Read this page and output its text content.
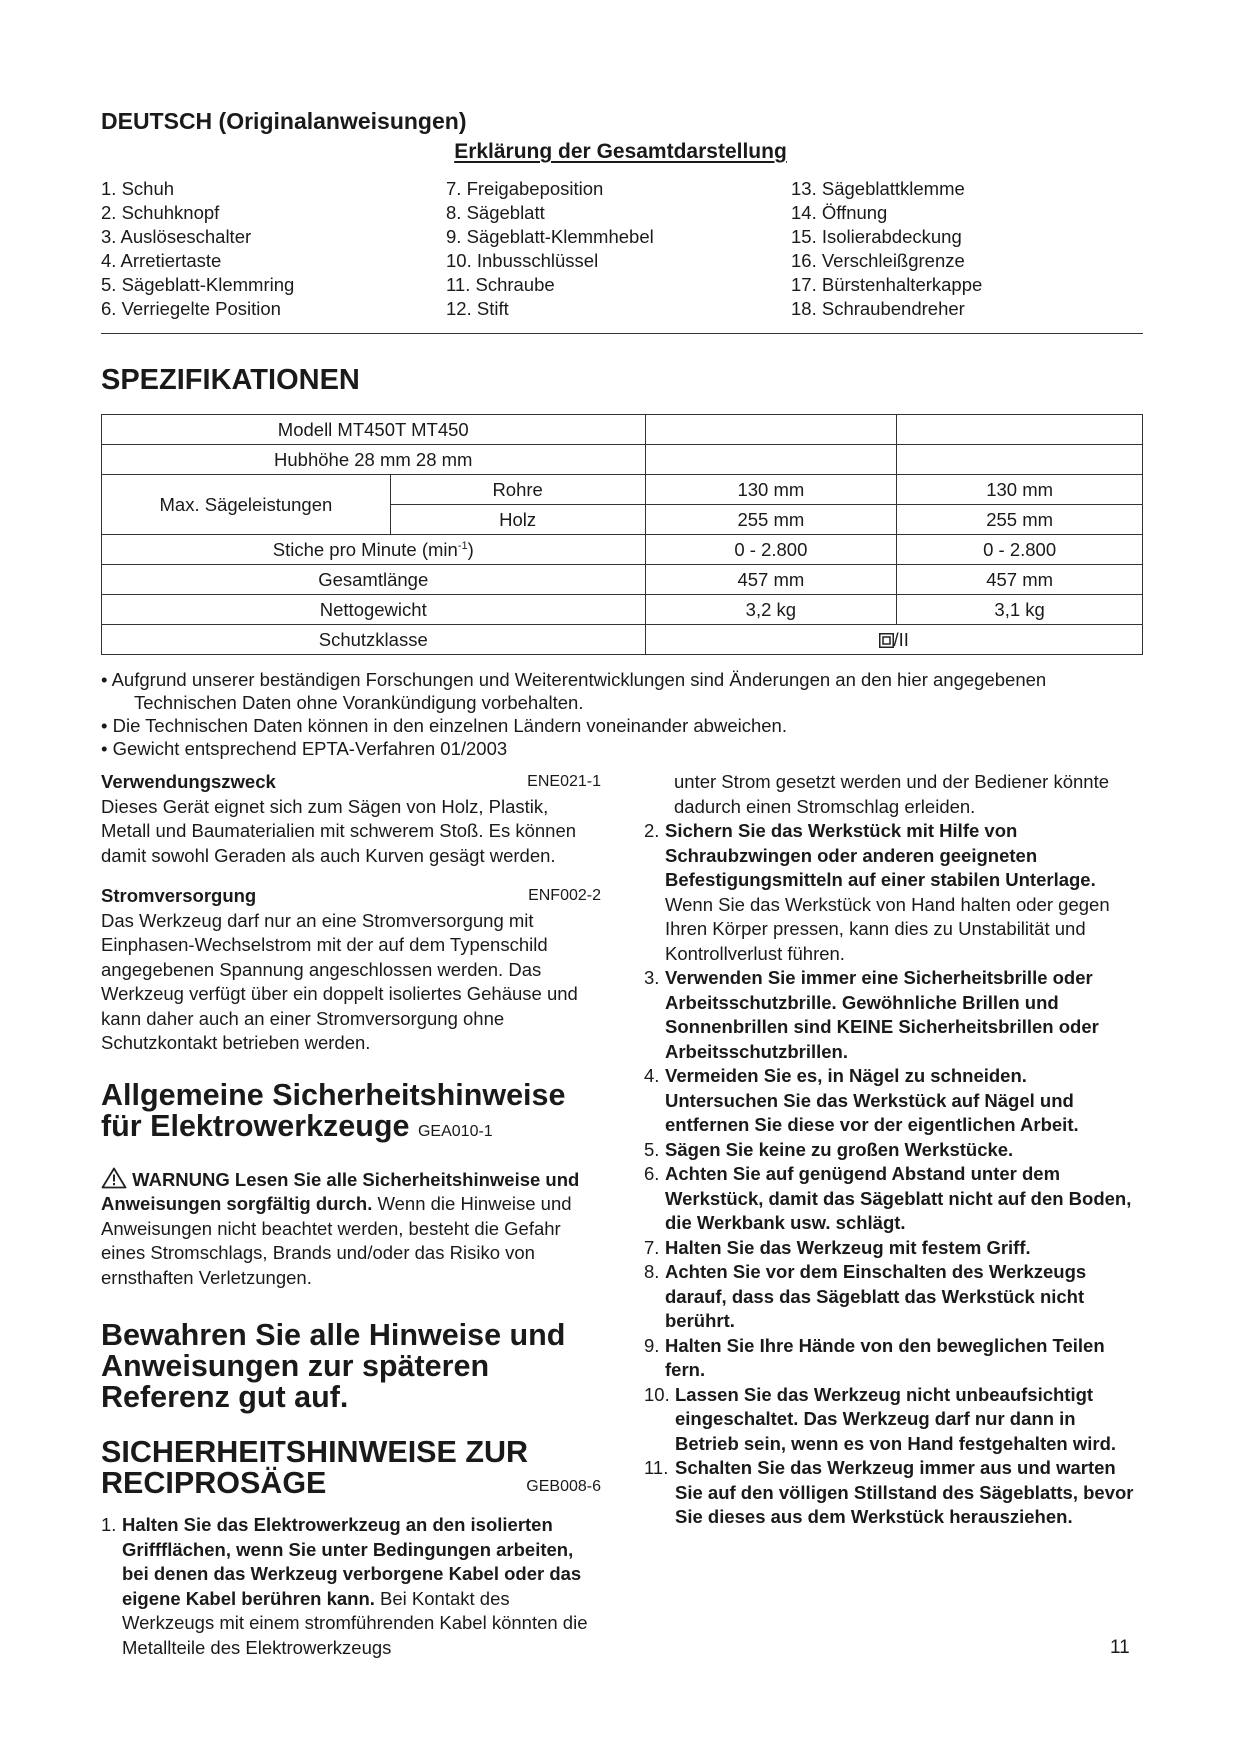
DEUTSCH (Originalanweisungen)
Erklärung der Gesamtdarstellung
1. Schuh
2. Schuhknopf
3. Auslöseschalter
4. Arretiertaste
5. Sägeblatt-Klemmring
6. Verriegelte Position
7. Freigabeposition
8. Sägeblatt
9. Sägeblatt-Klemmhebel
10. Inbusschlüssel
11. Schraube
12. Stift
13. Sägeblattklemme
14. Öffnung
15. Isolierabdeckung
16. Verschleißgrenze
17. Bürstenhalterkappe
18. Schraubendreher
SPEZIFIKATIONEN
Modell MT450T MT450			
Hubhöhe 28 mm 28 mm			
Max. Sägeleistungen	Rohre	130 mm	130 mm
	Holz	255 mm	255 mm
Stiche pro Minute $(\min^{-1})$		0 - 2.800	0 - 2.800
Gesamtlänge		457 mm	457 mm
Nettogewicht		3,2 kg	3,1 kg
Schutzklasse		/II	

• Aufgrund unserer beständigen Forschungen und Weiterentwicklungen sind Änderungen an den hier angegebenen
Technischen Daten ohne Vorankündigung vorbehalten.

• Die Technischen Daten können in den einzelnen Ländern voneinander abweichen.

• Gewicht entsprechend EPTA-Verfahren 01/2003

Verwendungszweck	ENE021-1

Dieses Gerät eignet sich zum Sägen von Holz, Plastik, Metall und Baumaterialien mit schwerem Stoß. Es können damit sowohl Geraden als auch Kurven gesägt werden.

Stromversorgung	ENF002-2

Das Werkzeug darf nur an eine Stromversorgung mit Einphasen-Wechselstrom mit der auf dem Typenschild angegebenen Spannung angeschlossen werden. Das Werkzeug verfügt über ein doppelt isoliertes Gehäuse und kann daher auch an einer Stromversorgung ohne Schutzkontakt betrieben werden.

Allgemeine Sicherheitshinweise für Elektrowerkzeuge GEA010-1

WARNUNG Lesen Sie alle Sicherheitshinweise und Anweisungen sorgfältig durch. Wenn die Hinweise und Anweisungen nicht beachtet werden, besteht die Gefahr eines Stromschlags, Brands und/oder das Risiko von ernsthaften Verletzungen.

Bewahren Sie alle Hinweise und Anweisungen zur späteren Referenz gut auf.

SICHERHEITSHINWEISE ZUR

RECIPROSÄGE	GEB008-6
1. Halten Sie das Elektrowerkzeug an den isolierten Griffflächen, wenn Sie unter Bedingungen arbeiten, bei denen das Werkzeug verborgene Kabel oder das eigene Kabel berühren kann. Bei Kontakt des Werkzeugs mit einem stromführenden Kabel könnten die Metallteile des Elektrowerkzeugs

unter Strom gesetzt werden und der Bediener könnte dadurch einen Stromschlag erleiden.

2. Sichern Sie das Werkstück mit Hilfe von Schraubzwingen oder anderen geeigneten Befestigungsmitteln auf einer stabilen Unterlage. Wenn Sie das Werkstück von Hand halten oder gegen Ihren Körper pressen, kann dies zu Unstabilität und Kontrollverlust führen.
3. Verwenden Sie immer eine Sicherheitsbrille oder Arbeitsschutzbrille. Gewöhnliche Brillen und Sonnenbrillen sind KEINE Sicherheitsbrillen oder Arbeitsschutzbrillen.
4. Vermeiden Sie es, in Nägel zu schneiden. Untersuchen Sie das Werkstück auf Nägel und entfernen Sie diese vor der eigentlichen Arbeit.
5. Sägen Sie keine zu großen Werkstücke.
6. Achten Sie auf genügend Abstand unter dem Werkstück, damit das Sägeblatt nicht auf den Boden, die Werkbank usw. schlägt.
7. Halten Sie das Werkzeug mit festem Griff.
8. Achten Sie vor dem Einschalten des Werkzeugs darauf, dass das Sägeblatt das Werkstück nicht berührt.
9. Halten Sie Ihre Hände von den beweglichen Teilen fern.
10. Lassen Sie das Werkzeug nicht unbeaufsichtigt eingeschaltet. Das Werkzeug darf nur dann in Betrieb sein, wenn es von Hand festgehalten wird.
11. Schalten Sie das Werkzeug immer aus und warten Sie auf den völligen Stillstand des Sägeblatts, bevor Sie dieses aus dem Werkstück herausziehen.
11
